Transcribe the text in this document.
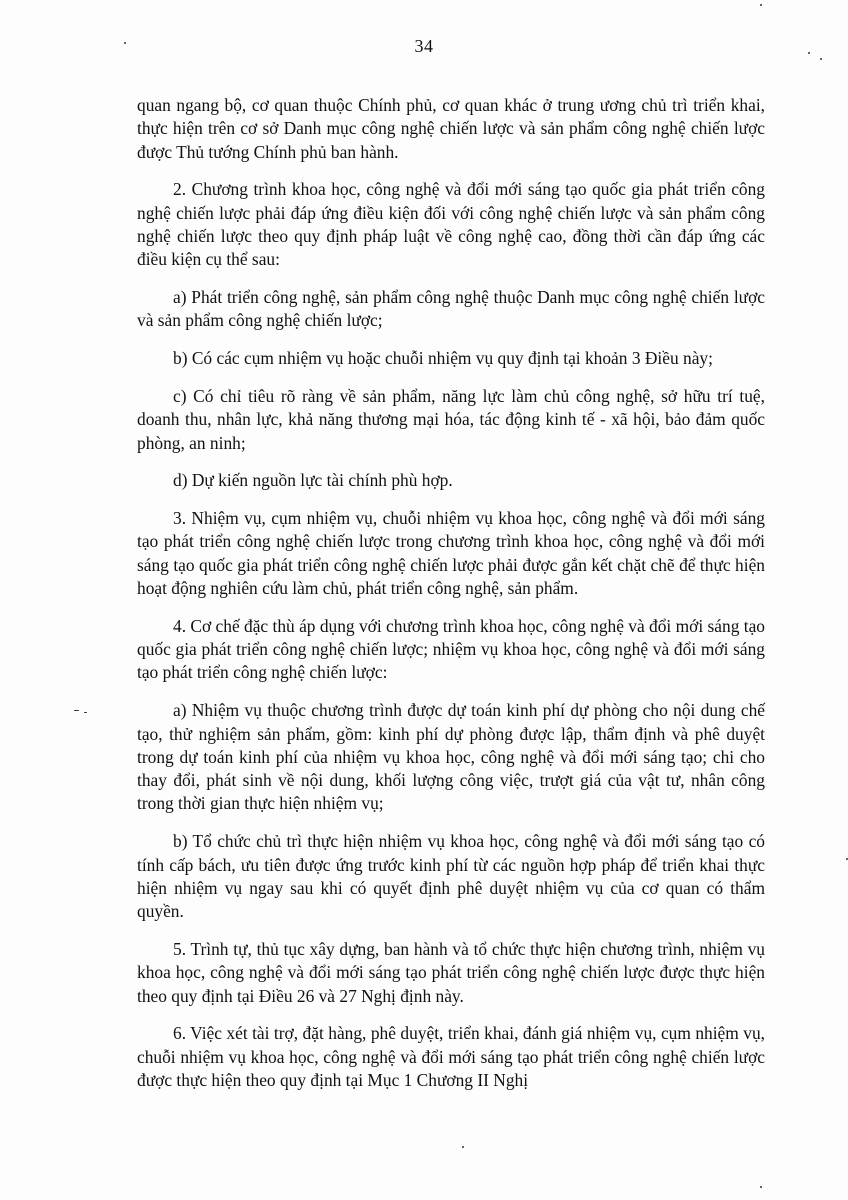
34

quan ngang bộ, cơ quan thuộc Chính phủ, cơ quan khác ở trung ương chủ trì triển khai, thực hiện trên cơ sở Danh mục công nghệ chiến lược và sản phẩm công nghệ chiến lược được Thủ tướng Chính phủ ban hành.

2. Chương trình khoa học, công nghệ và đổi mới sáng tạo quốc gia phát triển công nghệ chiến lược phải đáp ứng điều kiện đối với công nghệ chiến lược và sản phẩm công nghệ chiến lược theo quy định pháp luật về công nghệ cao, đồng thời cần đáp ứng các điều kiện cụ thể sau:

a) Phát triển công nghệ, sản phẩm công nghệ thuộc Danh mục công nghệ chiến lược và sản phẩm công nghệ chiến lược;

b) Có các cụm nhiệm vụ hoặc chuỗi nhiệm vụ quy định tại khoản 3 Điều này;

c) Có chỉ tiêu rõ ràng về sản phẩm, năng lực làm chủ công nghệ, sở hữu trí tuệ, doanh thu, nhân lực, khả năng thương mại hóa, tác động kinh tế - xã hội, bảo đảm quốc phòng, an ninh;

d) Dự kiến nguồn lực tài chính phù hợp.

3. Nhiệm vụ, cụm nhiệm vụ, chuỗi nhiệm vụ khoa học, công nghệ và đổi mới sáng tạo phát triển công nghệ chiến lược trong chương trình khoa học, công nghệ và đổi mới sáng tạo quốc gia phát triển công nghệ chiến lược phải được gắn kết chặt chẽ để thực hiện hoạt động nghiên cứu làm chủ, phát triển công nghệ, sản phẩm.

4. Cơ chế đặc thù áp dụng với chương trình khoa học, công nghệ và đổi mới sáng tạo quốc gia phát triển công nghệ chiến lược; nhiệm vụ khoa học, công nghệ và đổi mới sáng tạo phát triển công nghệ chiến lược:

a) Nhiệm vụ thuộc chương trình được dự toán kinh phí dự phòng cho nội dung chế tạo, thử nghiệm sản phẩm, gồm: kinh phí dự phòng được lập, thẩm định và phê duyệt trong dự toán kinh phí của nhiệm vụ khoa học, công nghệ và đổi mới sáng tạo; chi cho thay đổi, phát sinh về nội dung, khối lượng công việc, trượt giá của vật tư, nhân công trong thời gian thực hiện nhiệm vụ;

b) Tổ chức chủ trì thực hiện nhiệm vụ khoa học, công nghệ và đổi mới sáng tạo có tính cấp bách, ưu tiên được ứng trước kinh phí từ các nguồn hợp pháp để triển khai thực hiện nhiệm vụ ngay sau khi có quyết định phê duyệt nhiệm vụ của cơ quan có thẩm quyền.

5. Trình tự, thủ tục xây dựng, ban hành và tổ chức thực hiện chương trình, nhiệm vụ khoa học, công nghệ và đổi mới sáng tạo phát triển công nghệ chiến lược được thực hiện theo quy định tại Điều 26 và 27 Nghị định này.

6. Việc xét tài trợ, đặt hàng, phê duyệt, triển khai, đánh giá nhiệm vụ, cụm nhiệm vụ, chuỗi nhiệm vụ khoa học, công nghệ và đổi mới sáng tạo phát triển công nghệ chiến lược được thực hiện theo quy định tại Mục 1 Chương II Nghị
